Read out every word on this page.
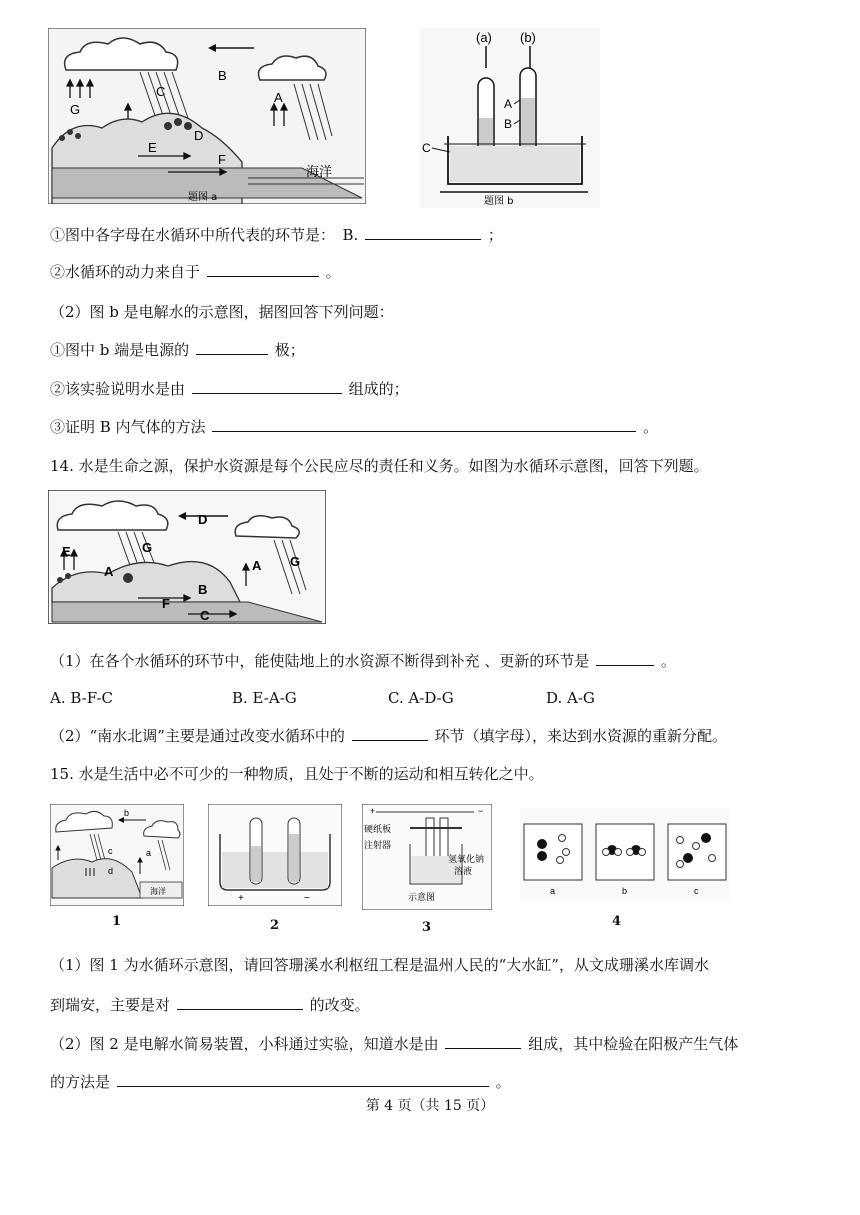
B
A
C
G
D
E
F
海洋
题图 a
(a) (b)
A
B
C
题图 b
①图中各字母在水循环中所代表的环节是：　B.	；
②水循环的动力来自于	。
（2）图 b 是电解水的示意图，据图回答下列问题：
①图中 b 端是电源的	极；
②该实验说明水是由	组成的；
③证明 B 内气体的方法	。
14. 水是生命之源，保护水资源是每个公民应尽的责任和义务。如图为水循环示意图，回答下列题。
D
E
A
G
A G
B
F
C
（1）在各个水循环的环节中，能使陆地上的水资源不断得到补充 、更新的环节是	。
A. B-F-C	B. E-A-G	C. A-D-G	D. A-G
（2）“南水北调”主要是通过改变水循环中的	环节（填字母），来达到水资源的重新分配。
15. 水是生活中必不可少的一种物质，且处于不断的运动和相互转化之中。
b
a
c
d
海洋
+	−
+	−
硬纸板
注射器
氢氧化钠
溶液
示意图
a	b	c
1	2	3	4
（1）图 1 为水循环示意图，请回答珊溪水利枢纽工程是温州人民的“大水缸”，从文成珊溪水库调水
到瑞安，主要是对	的改变。
（2）图 2 是电解水简易装置，小科通过实验，知道水是由	组成，其中检验在阳极产生气体
的方法是	。
第 4 页（共 15 页）
